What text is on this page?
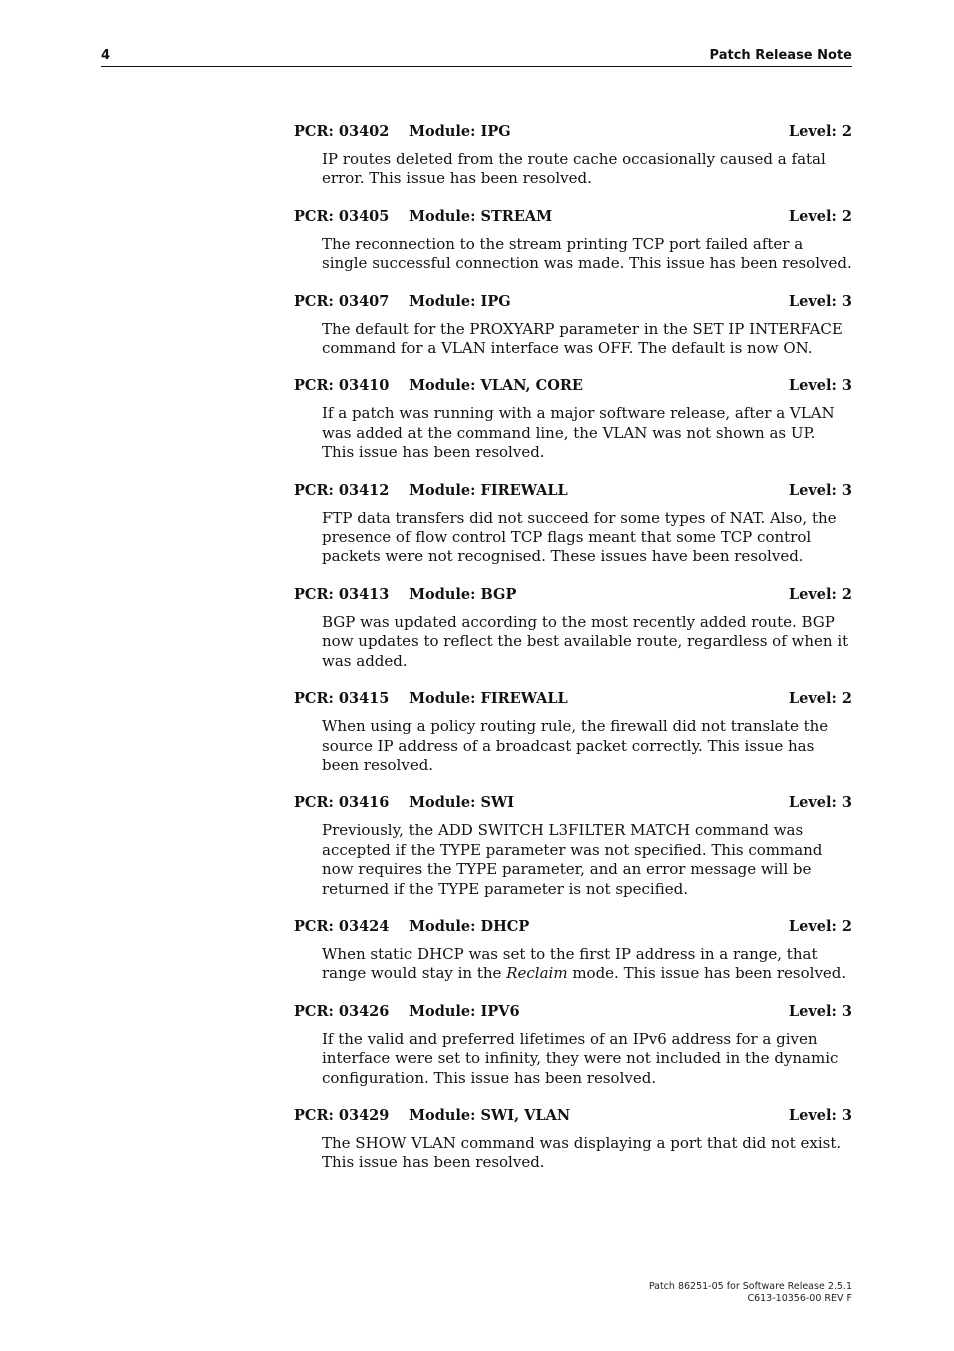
4	Patch Release Note
PCR: 03402	Module: IPG	Level: 2
IP routes deleted from the route cache occasionally caused a fatal error. This issue has been resolved.
PCR: 03405	Module: STREAM	Level: 2
The reconnection to the stream printing TCP port failed after a single successful connection was made. This issue has been resolved.
PCR: 03407	Module: IPG	Level: 3
The default for the PROXYARP parameter in the SET IP INTERFACE command for a VLAN interface was OFF. The default is now ON.
PCR: 03410	Module: VLAN, CORE	Level: 3
If a patch was running with a major software release, after a VLAN was added at the command line, the VLAN was not shown as UP. This issue has been resolved.
PCR: 03412	Module: FIREWALL	Level: 3
FTP data transfers did not succeed for some types of NAT. Also, the presence of flow control TCP flags meant that some TCP control packets were not recognised. These issues have been resolved.
PCR: 03413	Module: BGP	Level: 2
BGP was updated according to the most recently added route. BGP now updates to reflect the best available route, regardless of when it was added.
PCR: 03415	Module: FIREWALL	Level: 2
When using a policy routing rule, the firewall did not translate the source IP address of a broadcast packet correctly. This issue has been resolved.
PCR: 03416	Module: SWI	Level: 3
Previously, the ADD SWITCH L3FILTER MATCH command was accepted if the TYPE parameter was not specified. This command now requires the TYPE parameter, and an error message will be returned if the TYPE parameter is not specified.
PCR: 03424	Module: DHCP	Level: 2
When static DHCP was set to the first IP address in a range, that range would stay in the Reclaim mode. This issue has been resolved.
PCR: 03426	Module: IPV6	Level: 3
If the valid and preferred lifetimes of an IPv6 address for a given interface were set to infinity, they were not included in the dynamic configuration. This issue has been resolved.
PCR: 03429	Module: SWI, VLAN	Level: 3
The SHOW VLAN command was displaying a port that did not exist. This issue has been resolved.
Patch 86251-05 for Software Release 2.5.1
C613-10356-00 REV F
